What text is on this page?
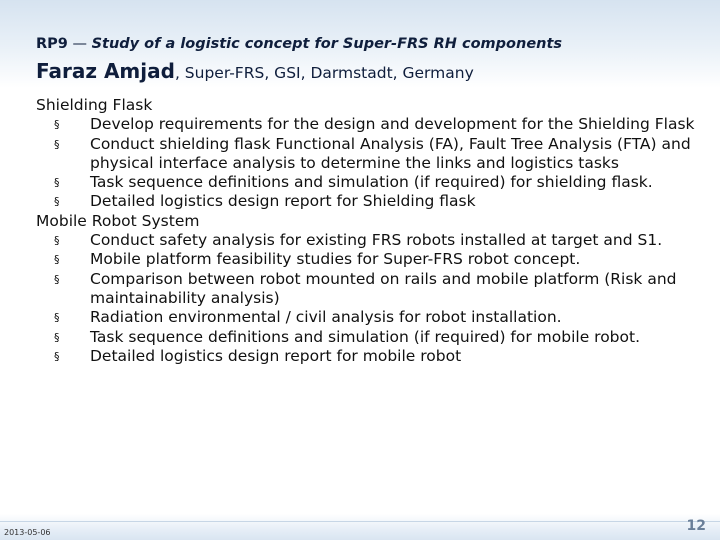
RP9 — Study of a logistic concept for Super-FRS RH components
Faraz Amjad, Super-FRS, GSI, Darmstadt, Germany
Shielding Flask
§ Develop requirements for the design and development for the Shielding Flask
§ Conduct shielding flask Functional Analysis (FA), Fault Tree Analysis (FTA) and physical interface analysis to determine the links and logistics tasks
§ Task sequence definitions and simulation (if required) for shielding flask.
§ Detailed logistics design report for Shielding flask
Mobile Robot System
§ Conduct safety analysis for existing FRS robots installed at target and S1.
§ Mobile platform feasibility studies for Super-FRS robot concept.
§ Comparison between robot mounted on rails and mobile platform (Risk and maintainability analysis)
§ Radiation environmental / civil analysis for robot installation.
§ Task sequence definitions and simulation (if required) for mobile robot.
§ Detailed logistics design report for mobile robot
2013-05-06	12
